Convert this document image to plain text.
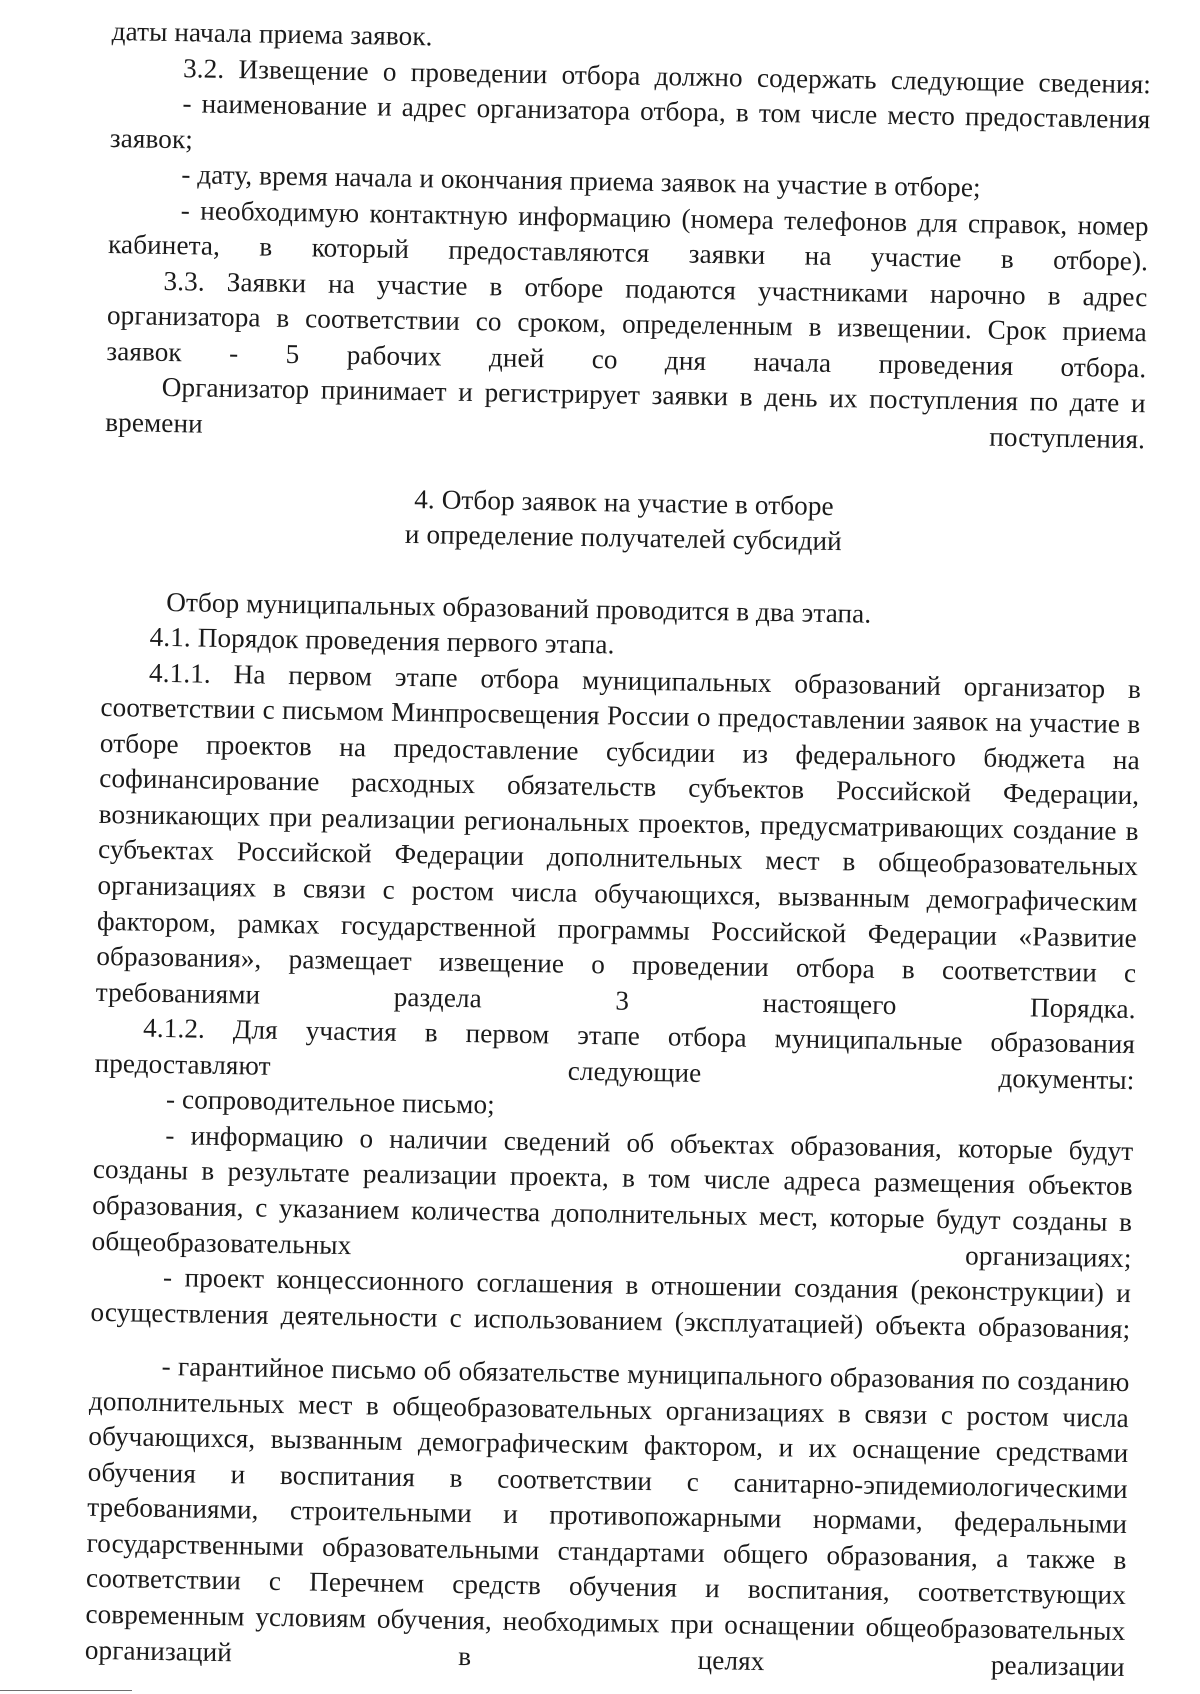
даты начала приема заявок.

3.2. Извещение о проведении отбора должно содержать следующие сведения:

- наименование и адрес организатора отбора, в том числе место предоставления заявок;

- дату, время начала и окончания приема заявок на участие в отборе;

- необходимую контактную информацию (номера телефонов для справок, номер кабинета, в который предоставляются заявки на участие в отборе).

3.3. Заявки на участие в отборе подаются участниками нарочно в адрес организатора в соответствии со сроком, определенным в извещении. Срок приема заявок - 5 рабочих дней со дня начала проведения отбора.

Организатор принимает и регистрирует заявки в день их поступления по дате и времени поступления.

4. Отбор заявок на участие в отборе

и определение получателей субсидий

Отбор муниципальных образований проводится в два этапа.

4.1. Порядок проведения первого этапа.

4.1.1. На первом этапе отбора муниципальных образований организатор в соответствии с письмом Минпросвещения России о предоставлении заявок на участие в отборе проектов на предоставление субсидии из федерального бюджета на софинансирование расходных обязательств субъектов Российской Федерации, возникающих при реализации региональных проектов, предусматривающих создание в субъектах Российской Федерации дополнительных мест в общеобразовательных организациях в связи с ростом числа обучающихся, вызванным демографическим фактором, рамках государственной программы Российской Федерации «Развитие образования», размещает извещение о проведении отбора в соответствии с требованиями раздела 3 настоящего Порядка.

4.1.2. Для участия в первом этапе отбора муниципальные образования предоставляют следующие документы:

- сопроводительное письмо;

- информацию о наличии сведений об объектах образования, которые будут созданы в результате реализации проекта, в том числе адреса размещения объектов образования, с указанием количества дополнительных мест, которые будут созданы в общеобразовательных организациях;

- проект концессионного соглашения в отношении создания (реконструкции) и осуществления деятельности с использованием (эксплуатацией) объекта образования;

- гарантийное письмо об обязательстве муниципального образования по созданию дополнительных мест в общеобразовательных организациях в связи с ростом числа обучающихся, вызванным демографическим фактором, и их оснащение средствами обучения и воспитания в соответствии с санитарно-эпидемиологическими требованиями, строительными и противопожарными нормами, федеральными государственными образовательными стандартами общего образования, а также в соответствии с Перечнем средств обучения и воспитания, соответствующих современным условиям обучения, необходимых при оснащении общеобразовательных организаций в целях реализации
